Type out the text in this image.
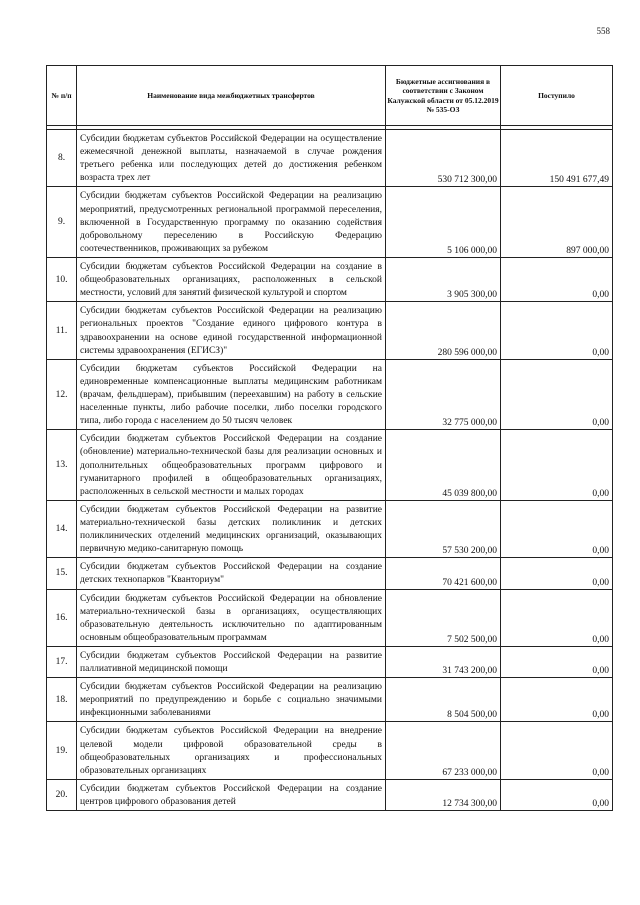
558
№ п/п	Наименование вида межбюджетных трансфертов	Бюджетные ассигнования в соответствии с Законом Калужской области от 05.12.2019 № 535-ОЗ	Поступило

8.	Субсидии бюджетам субъектов Российской Федерации на осуществление ежемесячной денежной выплаты, назначаемой в случае рождения третьего ребенка или последующих детей до достижения ребенком возраста трех лет	530 712 300,00	150 491 677,49
9.	Субсидии бюджетам субъектов Российской Федерации на реализацию мероприятий, предусмотренных региональной программой переселения, включенной в Государственную программу по оказанию содействия добровольному переселению в Российскую Федерацию соотечественников, проживающих за рубежом	5 106 000,00	897 000,00
10.	Субсидии бюджетам субъектов Российской Федерации на создание в общеобразовательных организациях, расположенных в сельской местности, условий для занятий физической культурой и спортом	3 905 300,00	0,00
11.	Субсидии бюджетам субъектов Российской Федерации на реализацию региональных проектов "Создание единого цифрового контура в здравоохранении на основе единой государственной информационной системы здравоохранения (ЕГИСЗ)"	280 596 000,00	0,00
12.	Субсидии бюджетам субъектов Российской Федерации на единовременные компенсационные выплаты медицинским работникам (врачам, фельдшерам), прибывшим (переехавшим) на работу в сельские населенные пункты, либо рабочие поселки, либо поселки городского типа, либо города с населением до 50 тысяч человек	32 775 000,00	0,00
13.	Субсидии бюджетам субъектов Российской Федерации на создание (обновление) материально-технической базы для реализации основных и дополнительных общеобразовательных программ цифрового и гуманитарного профилей в общеобразовательных организациях, расположенных в сельской местности и малых городах	45 039 800,00	0,00
14.	Субсидии бюджетам субъектов Российской Федерации на развитие материально-технической базы детских поликлиник и детских поликлинических отделений медицинских организаций, оказывающих первичную медико-санитарную помощь	57 530 200,00	0,00
15.	Субсидии бюджетам субъектов Российской Федерации на создание детских технопарков "Кванториум"	70 421 600,00	0,00
16.	Субсидии бюджетам субъектов Российской Федерации на обновление материально-технической базы в организациях, осуществляющих образовательную деятельность исключительно по адаптированным основным общеобразовательным программам	7 502 500,00	0,00
17.	Субсидии бюджетам субъектов Российской Федерации на развитие паллиативной медицинской помощи	31 743 200,00	0,00
18.	Субсидии бюджетам субъектов Российской Федерации на реализацию мероприятий по предупреждению и борьбе с социально значимыми инфекционными заболеваниями	8 504 500,00	0,00
19.	Субсидии бюджетам субъектов Российской Федерации на внедрение целевой модели цифровой образовательной среды в общеобразовательных организациях и профессиональных образовательных организациях	67 233 000,00	0,00
20.	Субсидии бюджетам субъектов Российской Федерации на создание центров цифрового образования детей	12 734 300,00	0,00
